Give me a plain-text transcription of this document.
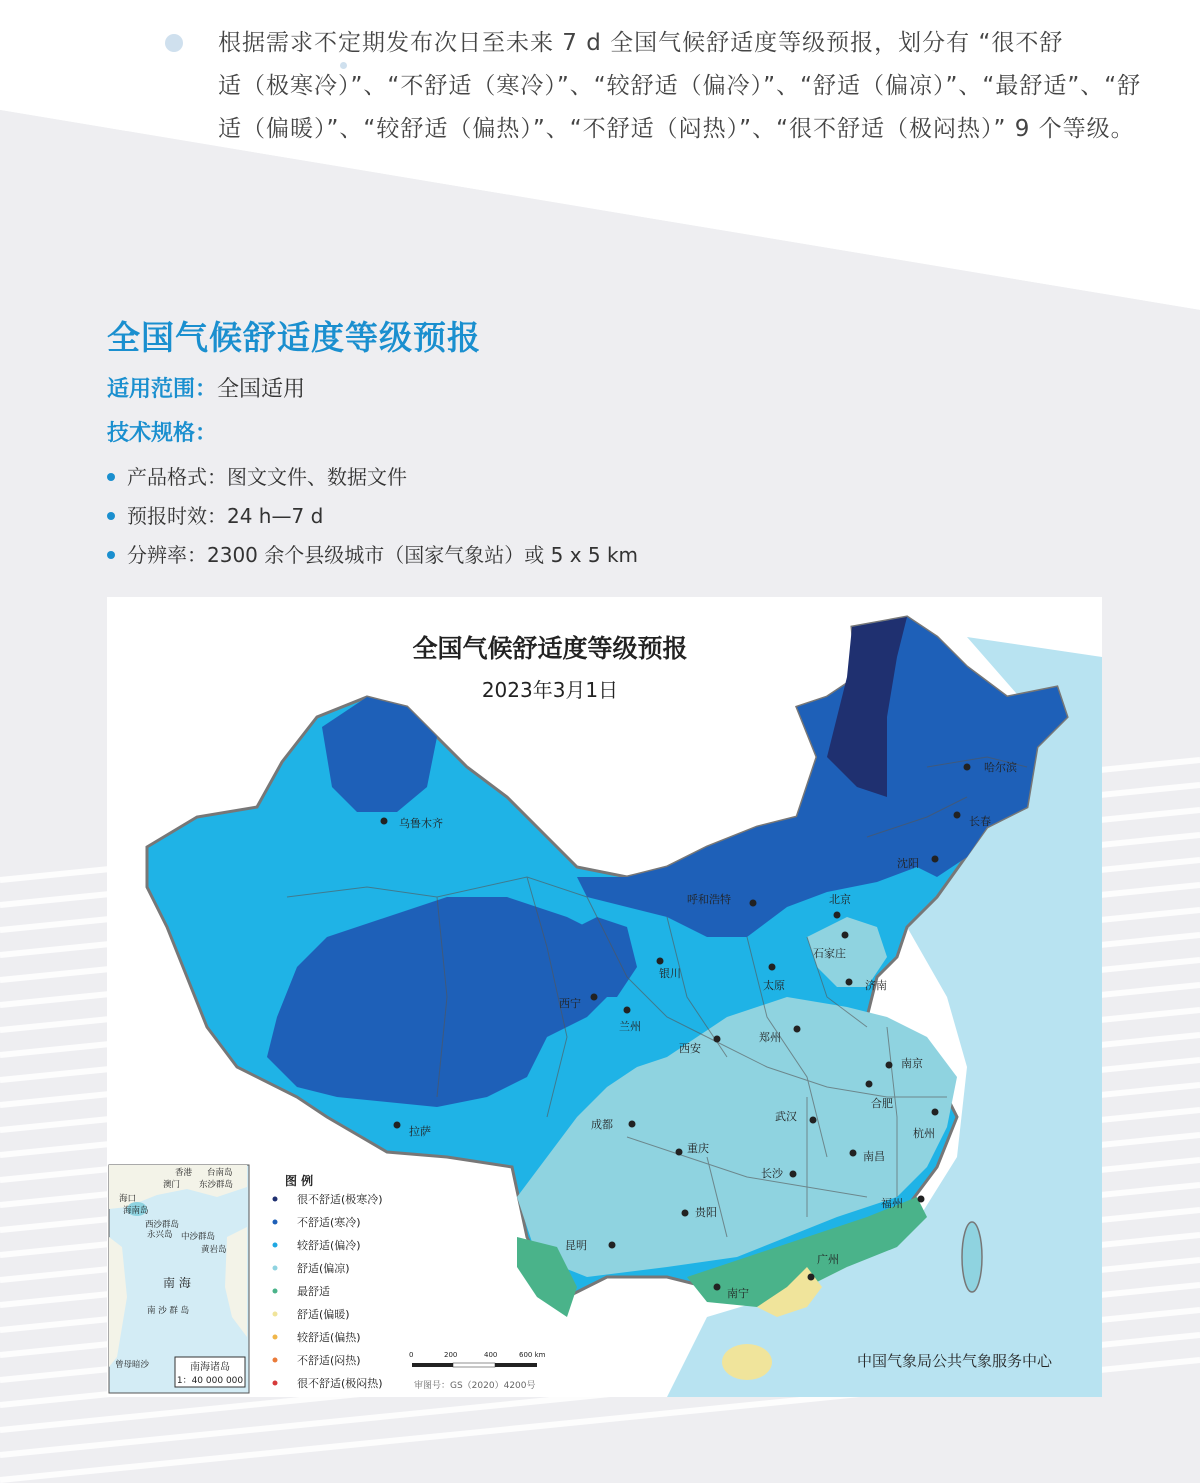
根据需求不定期发布次日至未来 7 d 全国气候舒适度等级预报，划分有 “很不舒
适（极寒冷）”、“不舒适（寒冷）”、“较舒适（偏冷）”、“舒适（偏凉）”、“最舒适”、“舒
适（偏暖）”、“较舒适（偏热）”、“不舒适（闷热）”、“很不舒适（极闷热）” 9 个等级。
全国气候舒适度等级预报
适用范围：全国适用
技术规格：
产品格式：图文文件、数据文件
预报时效：24 h—7 d
分辨率：2300 余个县级城市（国家气象站）或 5 x 5 km
全国气候舒适度等级预报
2023年3月1日
哈尔滨
长春
沈阳
乌鲁木齐
呼和浩特	北京
石家庄
银川
太原	济南
西宁
兰州
郑州
西安
南京
合肥
拉萨
成都
武汉
杭州
重庆
长沙
南昌
贵阳
福州
昆明
广州
南宁
香港 台南岛
澳门 东沙群岛
海口
海南岛
西沙群岛
永兴岛 中沙群岛
黄岩岛
南 海
南 沙 群 岛
曾母暗沙	南海诸岛
1：40 000 000
图 例
很不舒适(极寒冷)
不舒适(寒冷)
较舒适(偏冷)
舒适(偏凉)
最舒适
舒适(偏暖)
较舒适(偏热)
不舒适(闷热)
很不舒适(极闷热)
0	200	400	600 km
审图号：GS（2020）4200号
中国气象局公共气象服务中心
